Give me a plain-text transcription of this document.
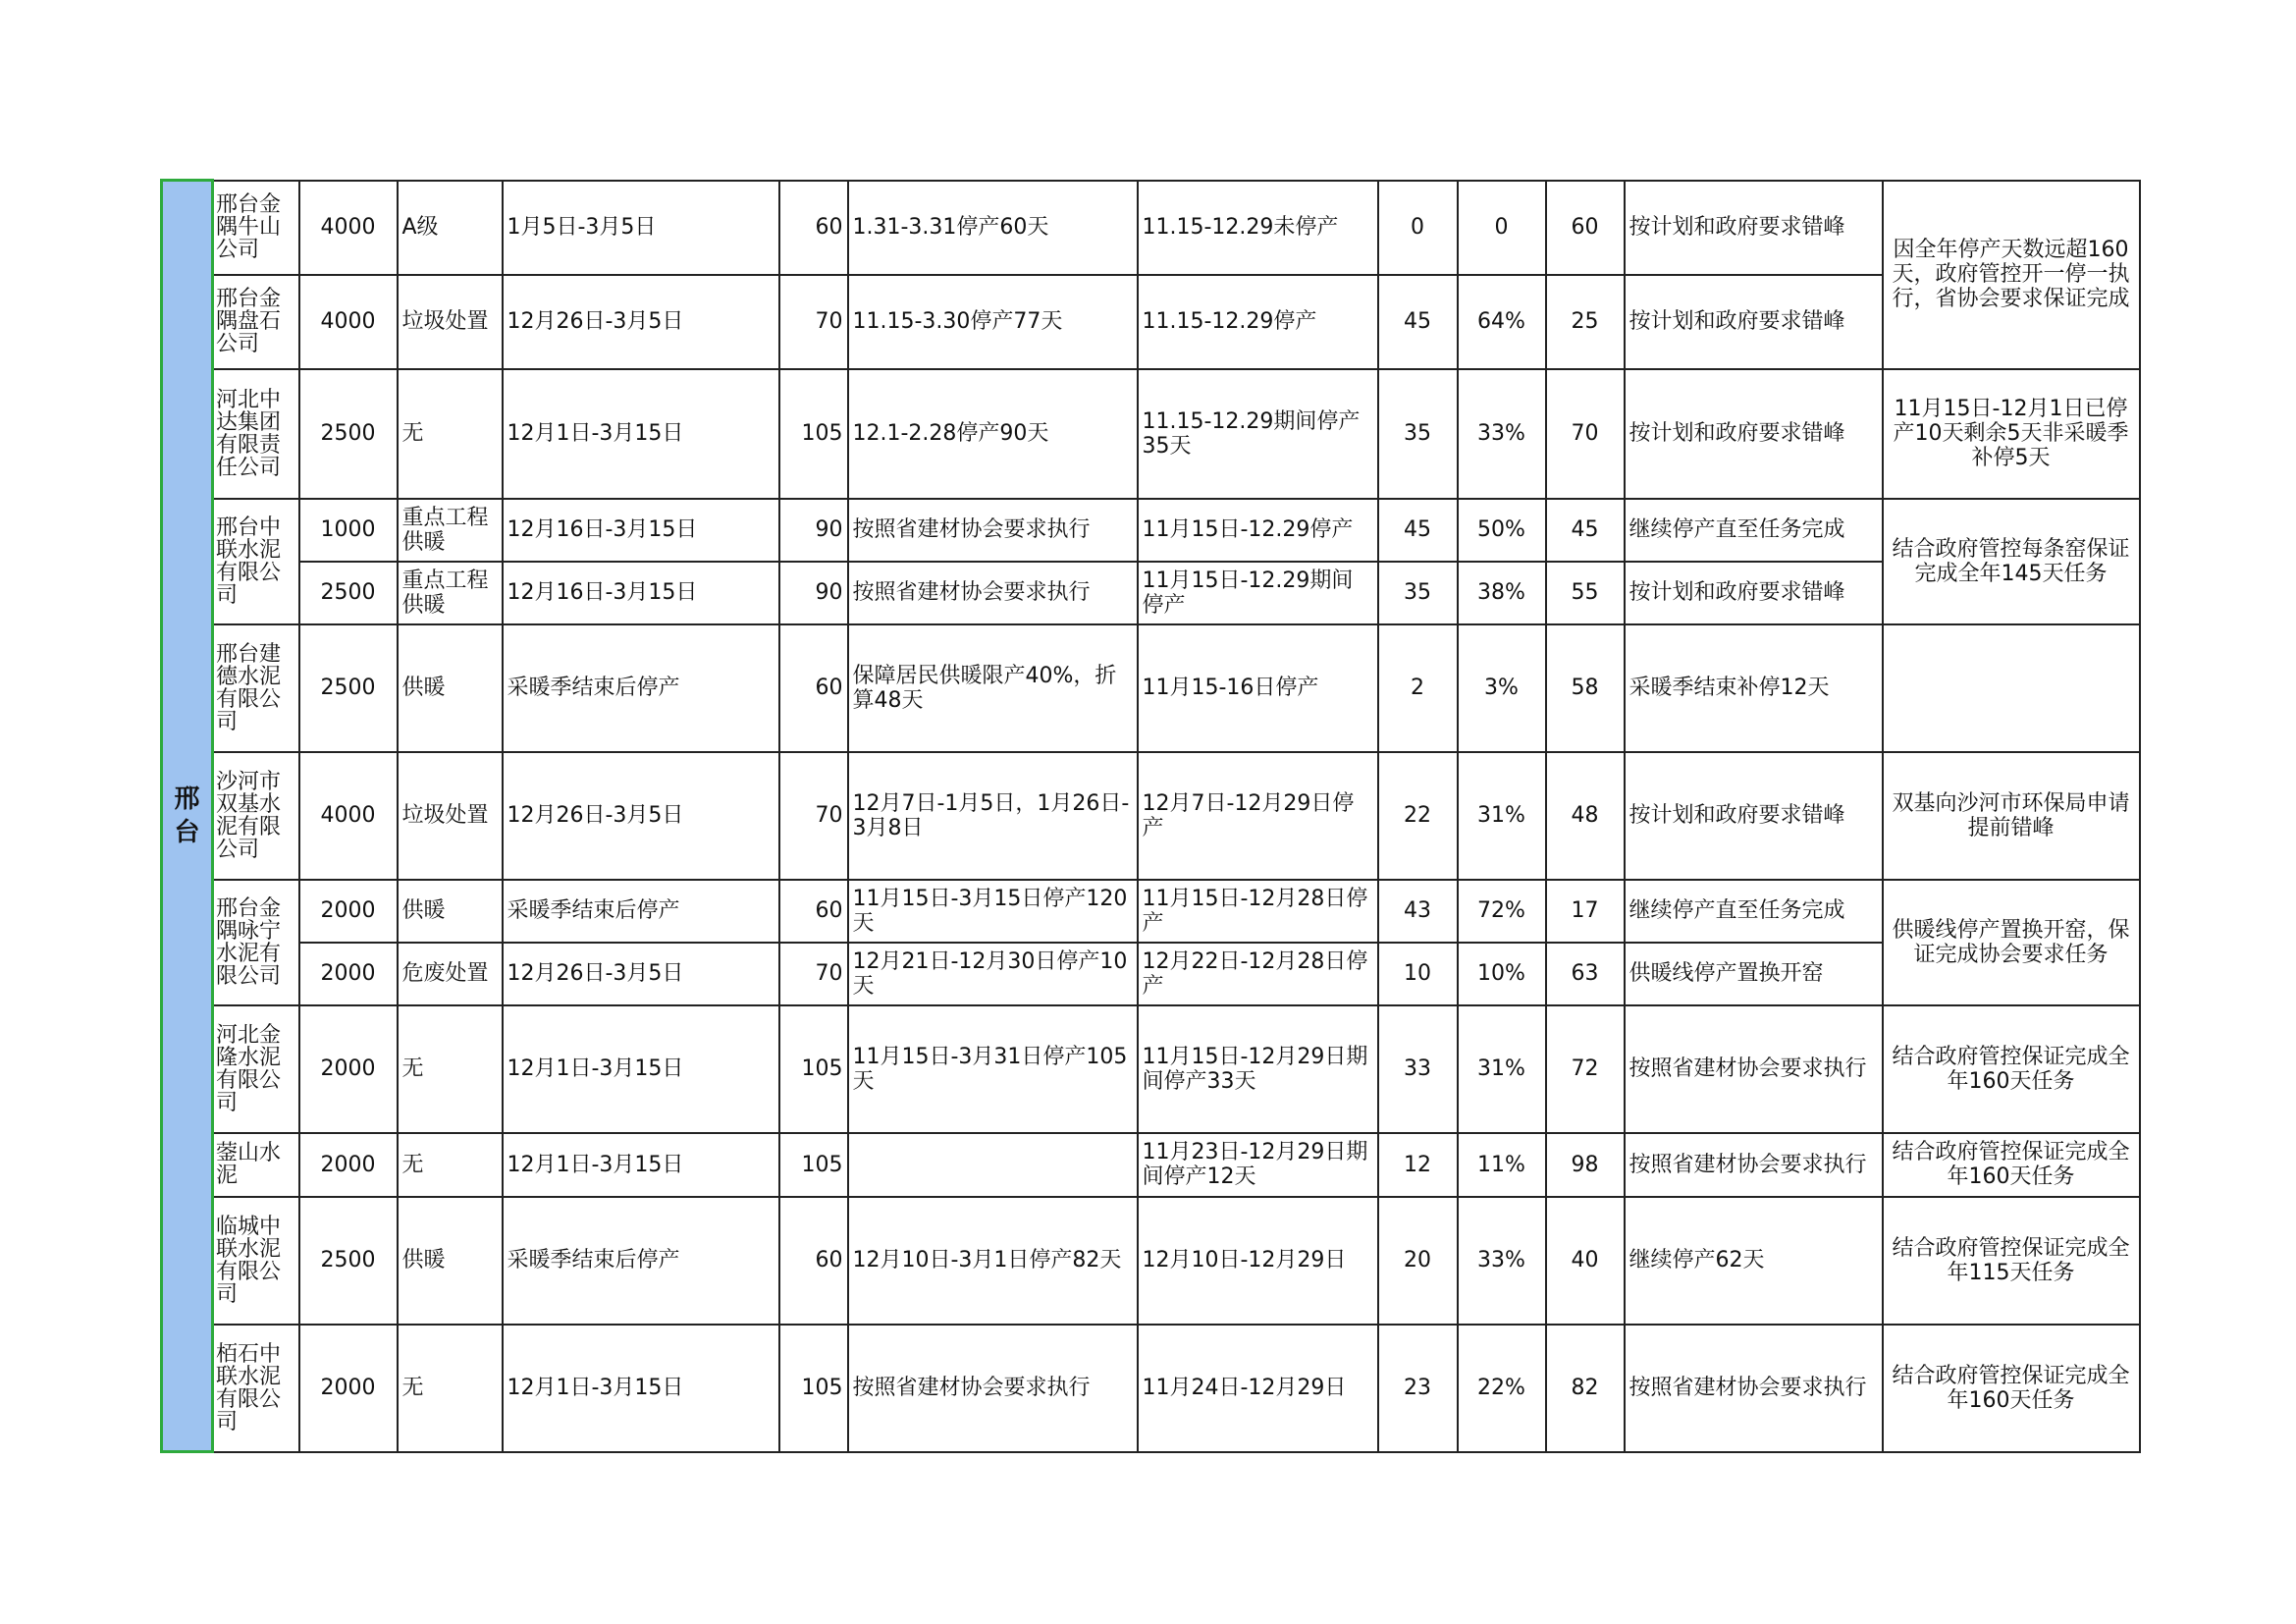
邢台	邢台金隅牛山公司	4000	A级	1月5日-3月5日	60	1.31-3.31停产60天	11.15-12.29未停产	0	0	60	按计划和政府要求错峰	因全年停产天数远超160天，政府管控开一停一执行，省协会要求保证完成
	邢台金隅盘石公司	4000	垃圾处置	12月26日-3月5日	70	11.15-3.30停产77天	11.15-12.29停产	45	64%	25	按计划和政府要求错峰	
	河北中达集团有限责任公司	2500	无	12月1日-3月15日	105	12.1-2.28停产90天	11.15-12.29期间停产35天	35	33%	70	按计划和政府要求错峰	11月15日-12月1日已停产10天剩余5天非采暖季补停5天
	邢台中联水泥有限公司	1000	重点工程供暖	12月16日-3月15日	90	按照省建材协会要求执行	11月15日-12.29停产	45	50%	45	继续停产直至任务完成	结合政府管控每条窑保证完成全年145天任务
		2500	重点工程供暖	12月16日-3月15日	90	按照省建材协会要求执行	11月15日-12.29期间停产	35	38%	55	按计划和政府要求错峰	
	邢台建德水泥有限公司	2500	供暖	采暖季结束后停产	60	保障居民供暖限产40%，折算48天	11月15-16日停产	2	3%	58	采暖季结束补停12天	
	沙河市双基水泥有限公司	4000	垃圾处置	12月26日-3月5日	70	12月7日-1月5日，1月26日-3月8日	12月7日-12月29日停产	22	31%	48	按计划和政府要求错峰	双基向沙河市环保局申请提前错峰
	邢台金隅咏宁水泥有限公司	2000	供暖	采暖季结束后停产	60	11月15日-3月15日停产120天	11月15日-12月28日停产	43	72%	17	继续停产直至任务完成	供暖线停产置换开窑，保证完成协会要求任务
		2000	危废处置	12月26日-3月5日	70	12月21日-12月30日停产10天	12月22日-12月28日停产	10	10%	63	供暖线停产置换开窑	
	河北金隆水泥有限公司	2000	无	12月1日-3月15日	105	11月15日-3月31日停产105天	11月15日-12月29日期间停产33天	33	31%	72	按照省建材协会要求执行	结合政府管控保证完成全年160天任务
	蓥山水泥	2000	无	12月1日-3月15日	105		11月23日-12月29日期间停产12天	12	11%	98	按照省建材协会要求执行	结合政府管控保证完成全年160天任务
	临城中联水泥有限公司	2500	供暖	采暖季结束后停产	60	12月10日-3月1日停产82天	12月10日-12月29日	20	33%	40	继续停产62天	结合政府管控保证完成全年115天任务
	栢石中联水泥有限公司	2000	无	12月1日-3月15日	105	按照省建材协会要求执行	11月24日-12月29日	23	22%	82	按照省建材协会要求执行	结合政府管控保证完成全年160天任务
